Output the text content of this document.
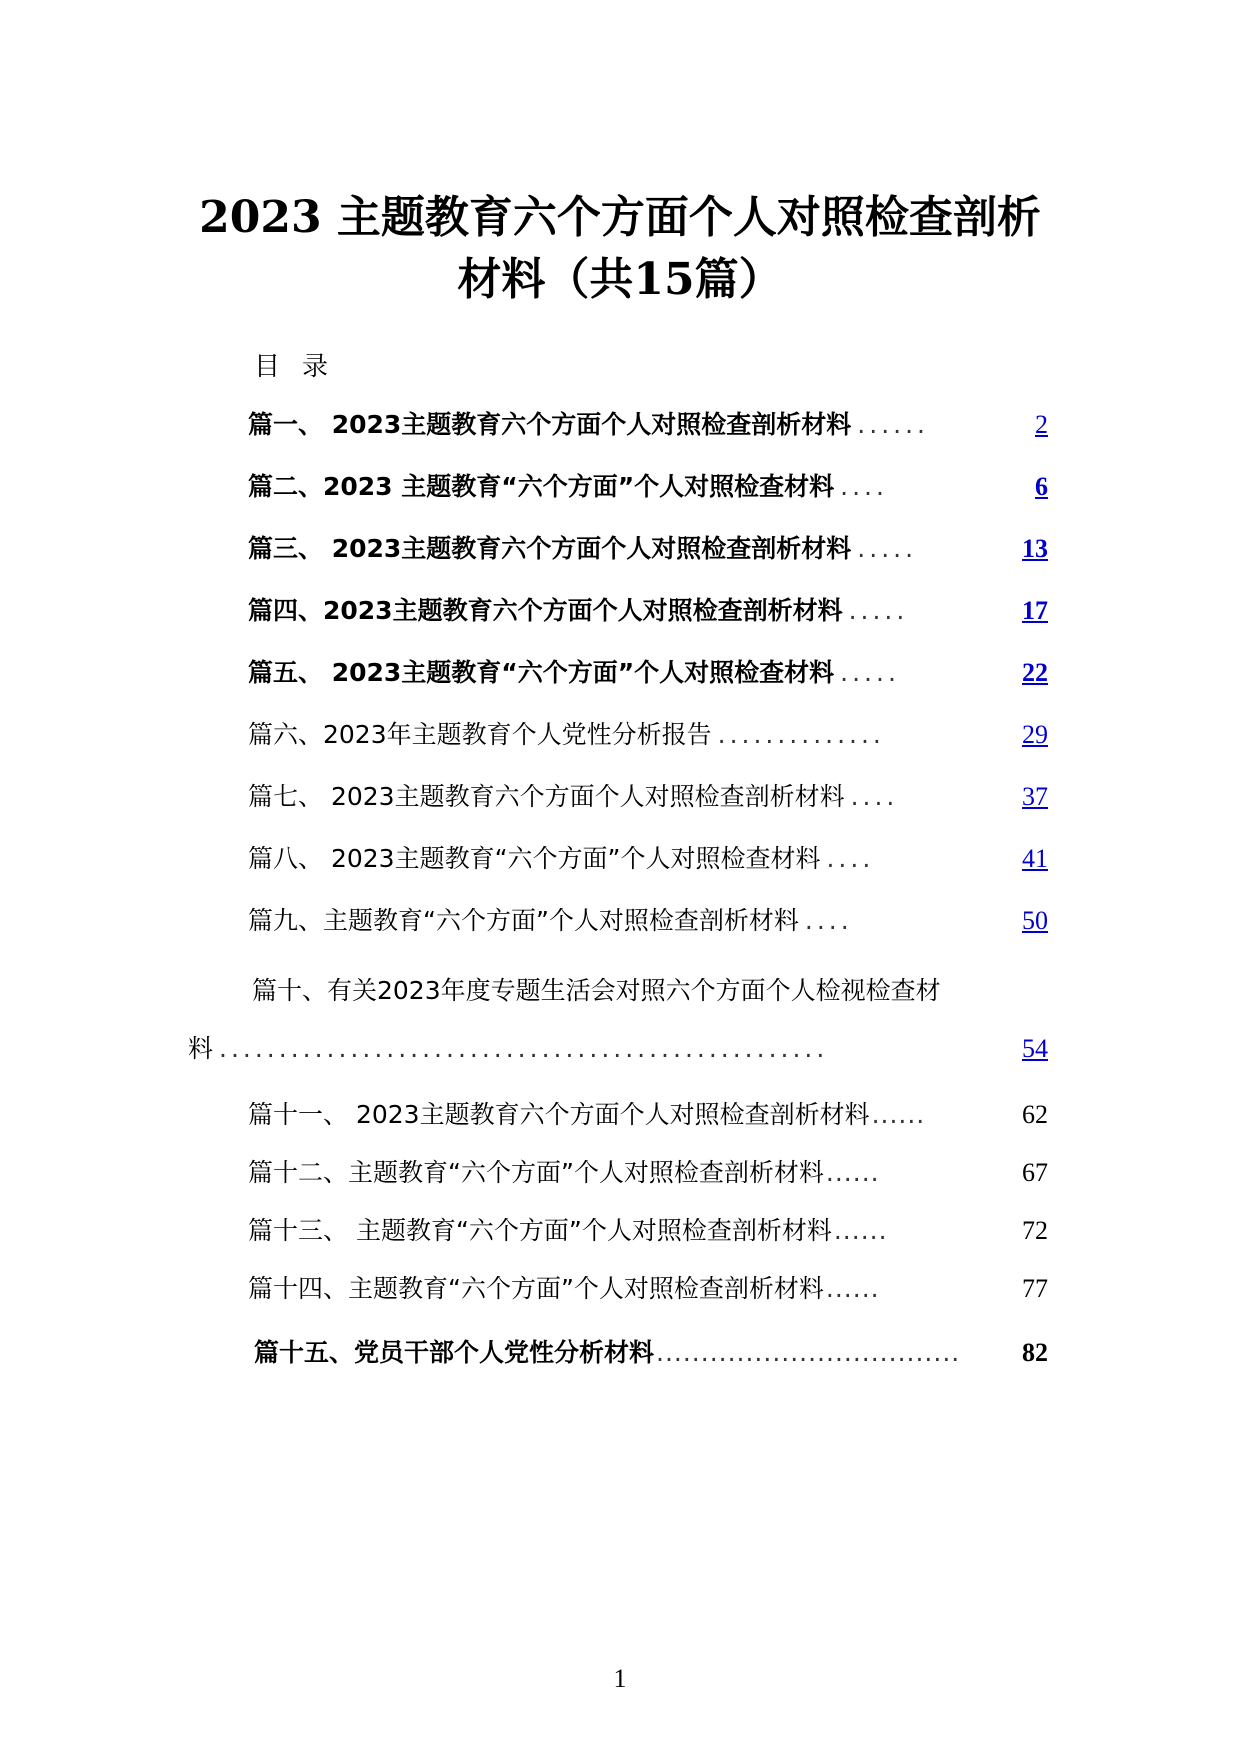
2023 主题教育六个方面个人对照检查剖析
材料（共15篇）
目录
篇一、 2023主题教育六个方面个人对照检查剖析材料 ......	2
篇二、2023 主题教育“六个方面”个人对照检查材料 ....	6
篇三、 2023主题教育六个方面个人对照检查剖析材料 .....	13
篇四、2023主题教育六个方面个人对照检查剖析材料 .....	17
篇五、 2023主题教育“六个方面”个人对照检查材料 .....	22
篇六、2023年主题教育个人党性分析报告 ..............	29
篇七、 2023主题教育六个方面个人对照检查剖析材料 ....	37
篇八、 2023主题教育“六个方面”个人对照检查材料 ....	41
篇九、主题教育“六个方面”个人对照检查剖析材料 ....	50
篇十、有关2023年度专题生活会对照六个方面个人检视检查材
料 ...................................................	54
篇十一、 2023主题教育六个方面个人对照检查剖析材料 ......	62
篇十二、主题教育“六个方面”个人对照检查剖析材料 ......	67
篇十三、 主题教育“六个方面”个人对照检查剖析材料 ......	72
篇十四、主题教育“六个方面”个人对照检查剖析材料 ......	77
篇十五、党员干部个人党性分析材料 ..................................	82
1
